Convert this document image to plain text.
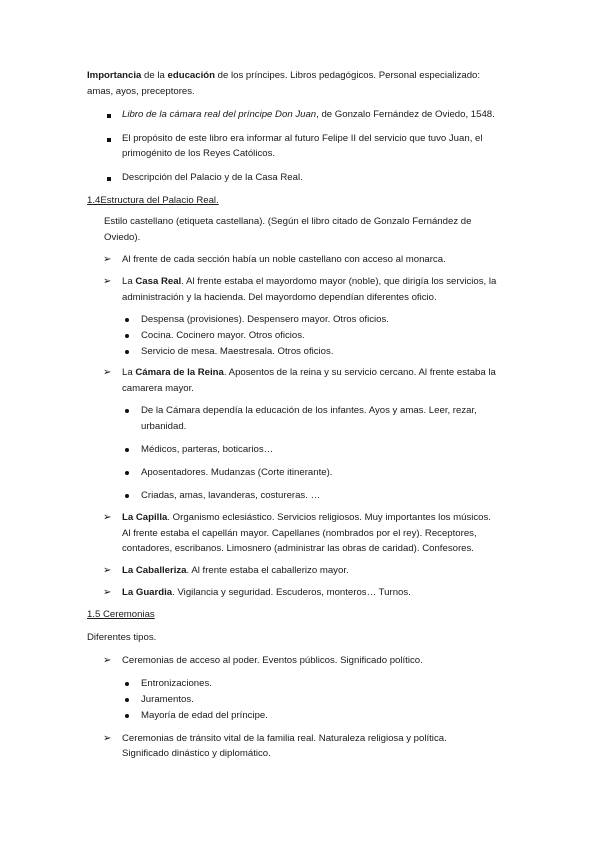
Importancia de la educación de los príncipes. Libros pedagógicos. Personal especializado:
amas, ayos, preceptores.
Libro de la cámara real del príncipe Don Juan, de Gonzalo Fernández de Oviedo, 1548.
El propósito de este libro era informar al futuro Felipe II del servicio que tuvo Juan, el
primogénito de los Reyes Católicos.
Descripción del Palacio y de la Casa Real.
1.4Estructura del Palacio Real.
Estilo castellano (etiqueta castellana). (Según el libro citado de Gonzalo Fernández de
Oviedo).
➢ Al frente de cada sección había un noble castellano con acceso al monarca.
➢ La Casa Real. Al frente estaba el mayordomo mayor (noble), que dirigía los servicios, la
administración y la hacienda. Del mayordomo dependían diferentes oficio.
Despensa (provisiones). Despensero mayor. Otros oficios.
Cocina. Cocinero mayor. Otros oficios.
Servicio de mesa. Maestresala. Otros oficios.
➢ La Cámara de la Reina. Aposentos de la reina y su servicio cercano. Al frente estaba la
camarera mayor.
De la Cámara dependía la educación de los infantes. Ayos y amas. Leer, rezar,
urbanidad.
Médicos, parteras, boticarios…
Aposentadores. Mudanzas (Corte itinerante).
Criadas, amas, lavanderas, costureras. …
➢ La Capilla. Organismo eclesiástico. Servicios religiosos. Muy importantes los músicos.
Al frente estaba el capellán mayor. Capellanes (nombrados por el rey). Receptores,
contadores, escribanos. Limosnero (administrar las obras de caridad). Confesores.
➢ La Caballeriza. Al frente estaba el caballerizo mayor.
➢ La Guardia. Vigilancia y seguridad. Escuderos, monteros… Turnos.
1.5 Ceremonias
Diferentes tipos.
➢ Ceremonias de acceso al poder. Eventos públicos. Significado político.
Entronizaciones.
Juramentos.
Mayoría de edad del príncipe.
➢ Ceremonias de tránsito vital de la familia real. Naturaleza religiosa y política.
Significado dinástico y diplomático.
